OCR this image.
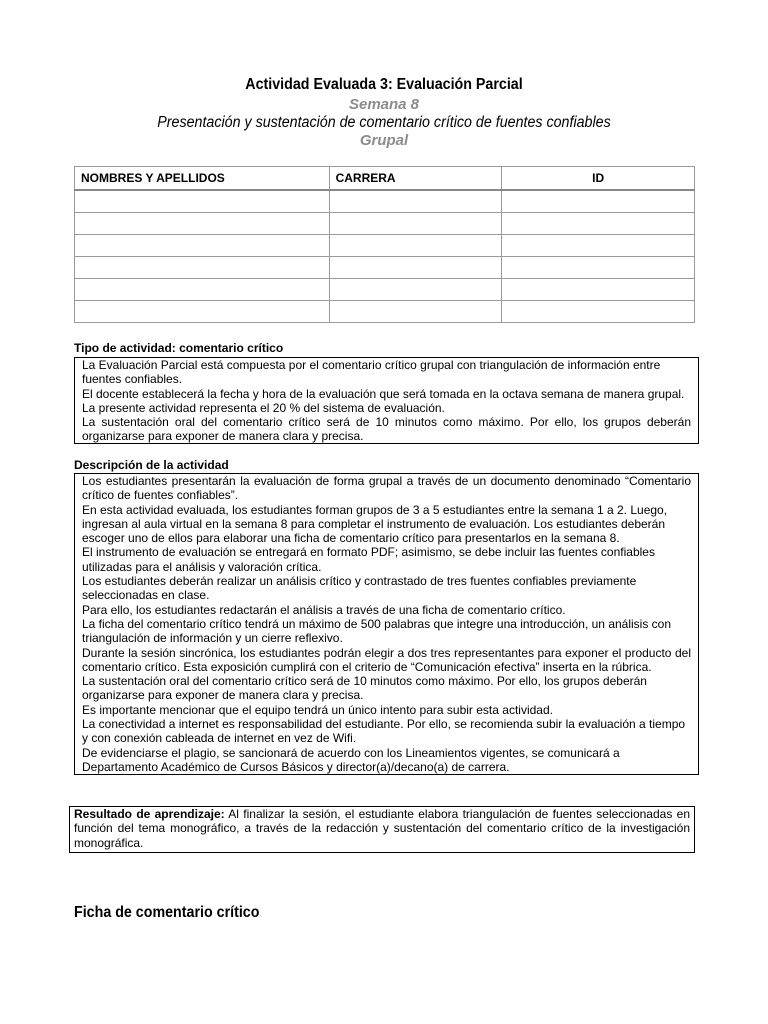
Actividad Evaluada 3: Evaluación Parcial
Semana 8
Presentación y sustentación de comentario crítico de fuentes confiables
Grupal
NOMBRES Y APELLIDOS	CARRERA	ID

Tipo de actividad: comentario crítico

La Evaluación Parcial está compuesta por el comentario crítico grupal con triangulación de información entre fuentes confiables.

El docente establecerá la fecha y hora de la evaluación que será tomada en la octava semana de manera grupal.

La presente actividad representa el 20 % del sistema de evaluación.

La sustentación oral del comentario crítico será de 10 minutos como máximo. Por ello, los grupos deberán organizarse para exponer de manera clara y precisa.

Descripción de la actividad

Los estudiantes presentarán la evaluación de forma grupal a través de un documento denominado “Comentario crítico de fuentes confiables”.

En esta actividad evaluada, los estudiantes forman grupos de 3 a 5 estudiantes entre la semana 1 a 2. Luego, ingresan al aula virtual en la semana 8 para completar el instrumento de evaluación. Los estudiantes deberán escoger uno de ellos para elaborar una ficha de comentario crítico para presentarlos en la semana 8.

El instrumento de evaluación se entregará en formato PDF; asimismo, se debe incluir las fuentes confiables utilizadas para el análisis y valoración crítica.

Los estudiantes deberán realizar un análisis crítico y contrastado de tres fuentes confiables previamente seleccionadas en clase.

Para ello, los estudiantes redactarán el análisis a través de una ficha de comentario crítico.

La ficha del comentario crítico tendrá un máximo de 500 palabras que integre una introducción, un análisis con triangulación de información y un cierre reflexivo.

Durante la sesión sincrónica, los estudiantes podrán elegir a dos tres representantes para exponer el producto del comentario crítico. Esta exposición cumplirá con el criterio de “Comunicación efectiva” inserta en la rúbrica.

La sustentación oral del comentario crítico será de 10 minutos como máximo. Por ello, los grupos deberán organizarse para exponer de manera clara y precisa.

Es importante mencionar que el equipo tendrá un único intento para subir esta actividad.

La conectividad a internet es responsabilidad del estudiante. Por ello, se recomienda subir la evaluación a tiempo y con conexión cableada de internet en vez de Wifi.

De evidenciarse el plagio, se sancionará de acuerdo con los Lineamientos vigentes, se comunicará a Departamento Académico de Cursos Básicos y director(a)/decano(a) de carrera.

Resultado de aprendizaje: Al finalizar la sesión, el estudiante elabora triangulación de fuentes seleccionadas en función del tema monográfico, a través de la redacción y sustentación del comentario crítico de la investigación monográfica.
Ficha de comentario crítico
